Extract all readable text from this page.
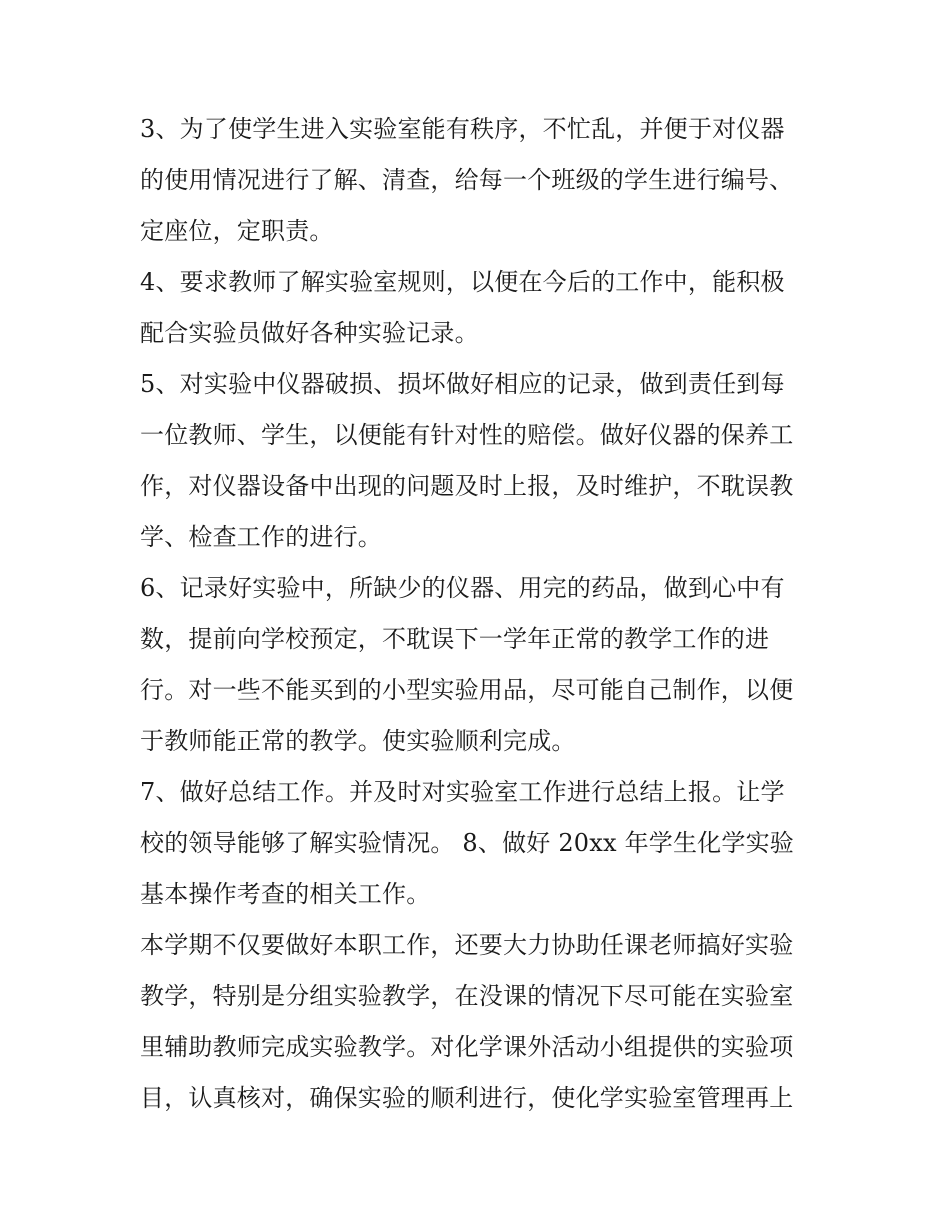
3、为了使学生进入实验室能有秩序，不忙乱，并便于对仪器
的使用情况进行了解、清查，给每一个班级的学生进行编号、
定座位，定职责。
4、要求教师了解实验室规则，以便在今后的工作中，能积极
配合实验员做好各种实验记录。
5、对实验中仪器破损、损坏做好相应的记录，做到责任到每
一位教师、学生，以便能有针对性的赔偿。做好仪器的保养工
作，对仪器设备中出现的问题及时上报，及时维护，不耽误教
学、检查工作的进行。
6、记录好实验中，所缺少的仪器、用完的药品，做到心中有
数，提前向学校预定，不耽误下一学年正常的教学工作的进
行。对一些不能买到的小型实验用品，尽可能自己制作，以便
于教师能正常的教学。使实验顺利完成。
7、做好总结工作。并及时对实验室工作进行总结上报。让学
校的领导能够了解实验情况。 8、做好 20xx 年学生化学实验
基本操作考查的相关工作。
本学期不仅要做好本职工作，还要大力协助任课老师搞好实验
教学，特别是分组实验教学，在没课的情况下尽可能在实验室
里辅助教师完成实验教学。对化学课外活动小组提供的实验项
目，认真核对，确保实验的顺利进行，使化学实验室管理再上
